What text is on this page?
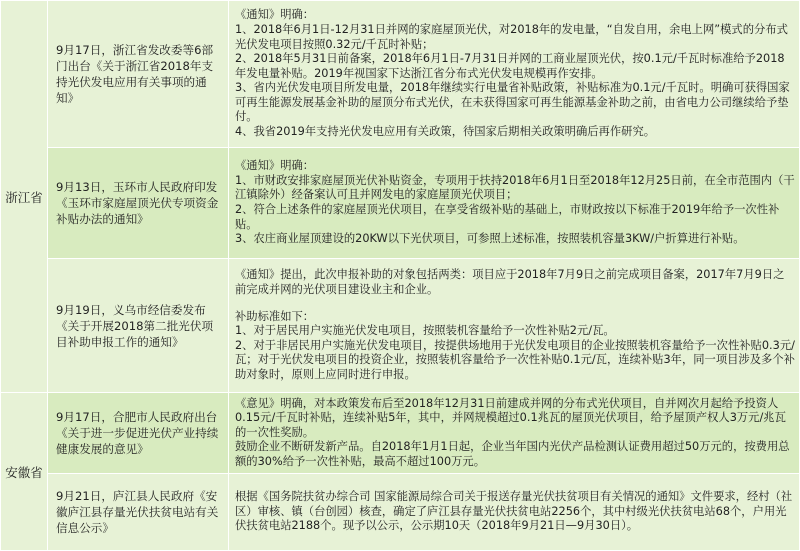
浙江省	9月17日，浙江省发改委等6部门出台《关于浙江省2018年支持光伏发电应用有关事项的通知》	《通知》明确：

1、2018年6月1日-12月31日并网的家庭屋顶光伏，对2018年的发电量，“自发自用，余电上网”模式的分布式光伏发电项目按照0.32元/千瓦时补贴；

2、2018年5月31日前备案，2018年6月1日-7月31日并网的工商业屋顶光伏，按0.1元/千瓦时标准给予2018年发电量补贴。2019年视国家下达浙江省分布式光伏发电规模再作安排。

3、省内光伏发电项目所发电量，2018年继续实行电量省补贴政策，补贴标准为0.1元/千瓦时。明确可获得国家可再生能源发展基金补助的屋顶分布式光伏，在未获得国家可再生能源基金补助之前，由省电力公司继续给予垫付。

4、我省2019年支持光伏发电应用有关政策，待国家后期相关政策明确后再作研究。

	9月13日，玉环市人民政府印发《玉环市家庭屋顶光伏专项资金补贴办法的通知》	《通知》明确：

1、市财政安排家庭屋顶光伏补贴资金，专项用于扶持2018年6月1日至2018年12月25日前，在全市范围内（干江镇除外）经备案认可且并网发电的家庭屋顶光伏项目；

2、符合上述条件的家庭屋顶光伏项目，在享受省级补贴的基础上，市财政按以下标准于2019年给予一次性补贴。

3、农庄商业屋顶建设的20KW以下光伏项目，可参照上述标准，按照装机容量3KW/户折算进行补贴。

	9月19日，义乌市经信委发布《关于开展2018第二批光伏项目补助申报工作的通知》	《通知》提出，此次申报补助的对象包括两类：项目应于2018年7月9日之前完成项目备案，2017年7月9日之前完成并网的光伏项目建设业主和企业。

补助标准如下：

1、对于居民用户实施光伏发电项目，按照装机容量给予一次性补贴2元/瓦。

2、对于非居民用户实施光伏发电项目，按提供场地用于光伏发电项目的企业按照装机容量给予一次性补贴0.3元/瓦；对于光伏发电项目的投资企业，按照装机容量给予一次性补贴0.1元/瓦，连续补贴3年，同一项目涉及多个补助对象时，原则上应同时进行申报。

安徽省	9月17日，合肥市人民政府出台《关于进一步促进光伏产业持续健康发展的意见》	《意见》明确，对本政策发布后至2018年12月31日前建成并网的分布式光伏项目，自并网次月起给予投资人0.15元/千瓦时补贴，连续补贴5年，其中，并网规模超过0.1兆瓦的屋顶光伏项目，给予屋顶产权人3万元/兆瓦的一次性奖励。

鼓励企业不断研发新产品。自2018年1月1日起，企业当年国内光伏产品检测认证费用超过50万元的，按费用总额的30%给予一次性补贴，最高不超过100万元。

	9月21日，庐江县人民政府《安徽庐江县存量光伏扶贫电站有关信息公示》	根据《国务院扶贫办综合司 国家能源局综合司关于报送存量光伏扶贫项目有关情况的通知》文件要求，经村（社区）审核、镇（台创园）核查，确定了庐江县存量光伏扶贫电站2256个，其中村级光伏扶贫电站68个，户用光伏扶贫电站2188个。现予以公示，公示期10天（2018年9月21日—9月30日）。
